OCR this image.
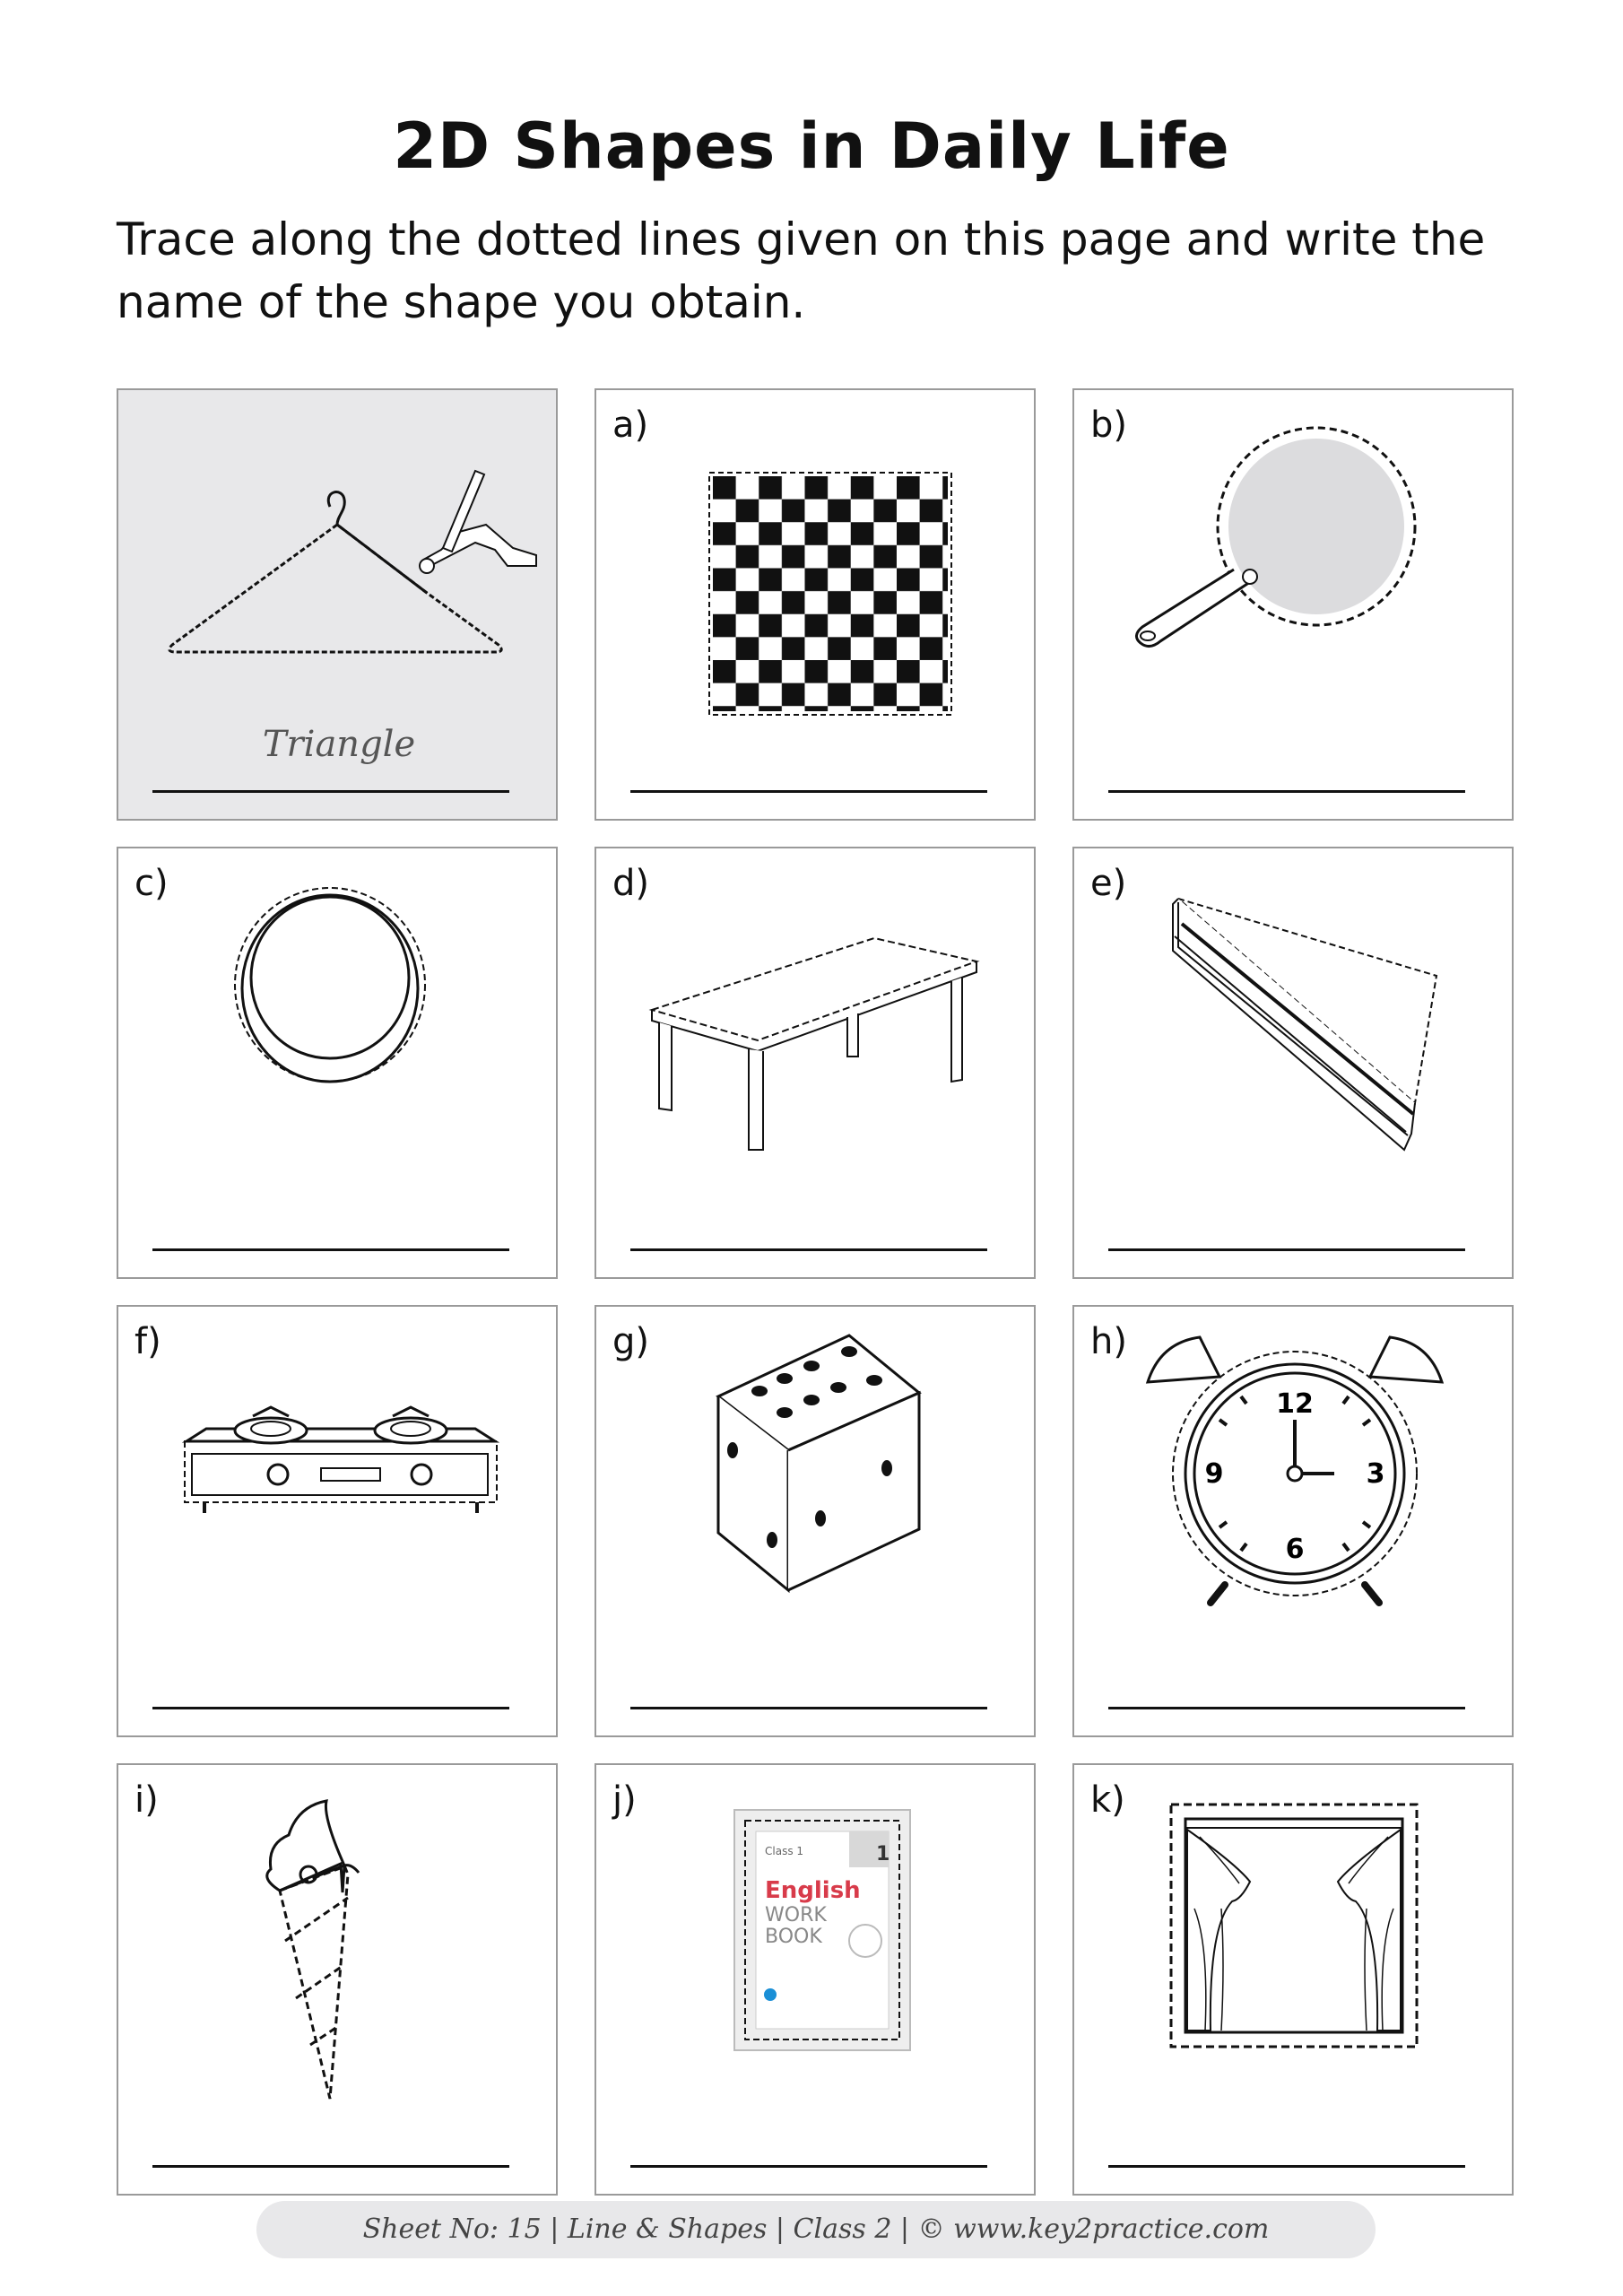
2D Shapes in Daily Life
Trace along the dotted lines given on this page and write the name of the shape you obtain.
Triangle
a)	b)
c)	d)	e)
f)	g)	h)
12
3
6
9
i)	j)
Class 1	1
English
WORK
BOOK
k)
Sheet No: 15 | Line & Shapes | Class 2 | © www.key2practice.com
